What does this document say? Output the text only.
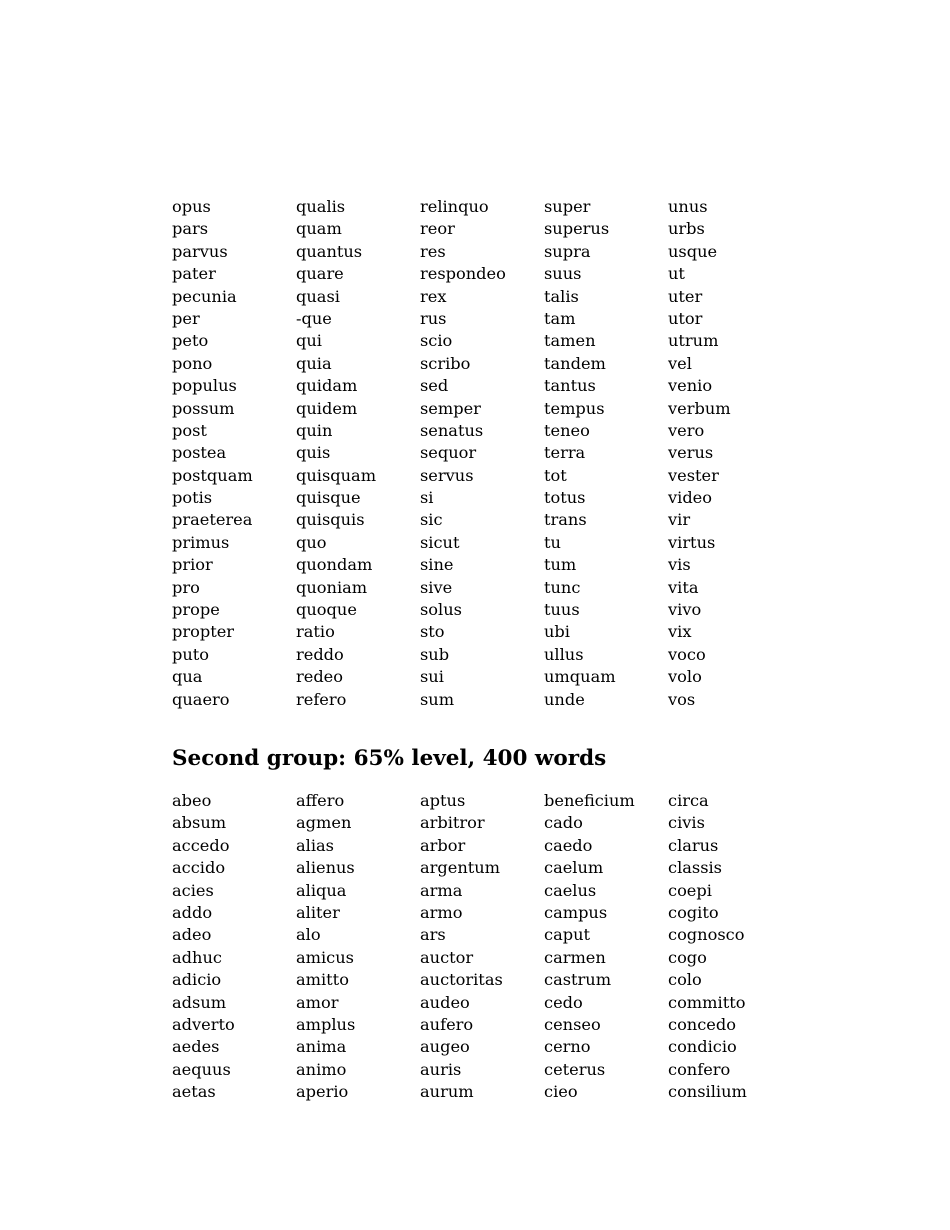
opus
pars
parvus
pater
pecunia
per
peto
pono
populus
possum
post
postea
postquam
potis
praeterea
primus
prior
pro
prope
propter
puto
qua
quaero
qualis
quam
quantus
quare
quasi
-que
qui
quia
quidam
quidem
quin
quis
quisquam
quisque
quisquis
quo
quondam
quoniam
quoque
ratio
reddo
redeo
refero
relinquo
reor
res
respondeo
rex
rus
scio
scribo
sed
semper
senatus
sequor
servus
si
sic
sicut
sine
sive
solus
sto
sub
sui
sum
super
superus
supra
suus
talis
tam
tamen
tandem
tantus
tempus
teneo
terra
tot
totus
trans
tu
tum
tunc
tuus
ubi
ullus
umquam
unde
unus
urbs
usque
ut
uter
utor
utrum
vel
venio
verbum
vero
verus
vester
video
vir
virtus
vis
vita
vivo
vix
voco
volo
vos
Second group: 65% level, 400 words
abeo
absum
accedo
accido
acies
addo
adeo
adhuc
adicio
adsum
adverto
aedes
aequus
aetas
affero
agmen
alias
alienus
aliqua
aliter
alo
amicus
amitto
amor
amplus
anima
animo
aperio
aptus
arbitror
arbor
argentum
arma
armo
ars
auctor
auctoritas
audeo
aufero
augeo
auris
aurum
beneficium
cado
caedo
caelum
caelus
campus
caput
carmen
castrum
cedo
censeo
cerno
ceterus
cieo
circa
civis
clarus
classis
coepi
cogito
cognosco
cogo
colo
committo
concedo
condicio
confero
consilium
